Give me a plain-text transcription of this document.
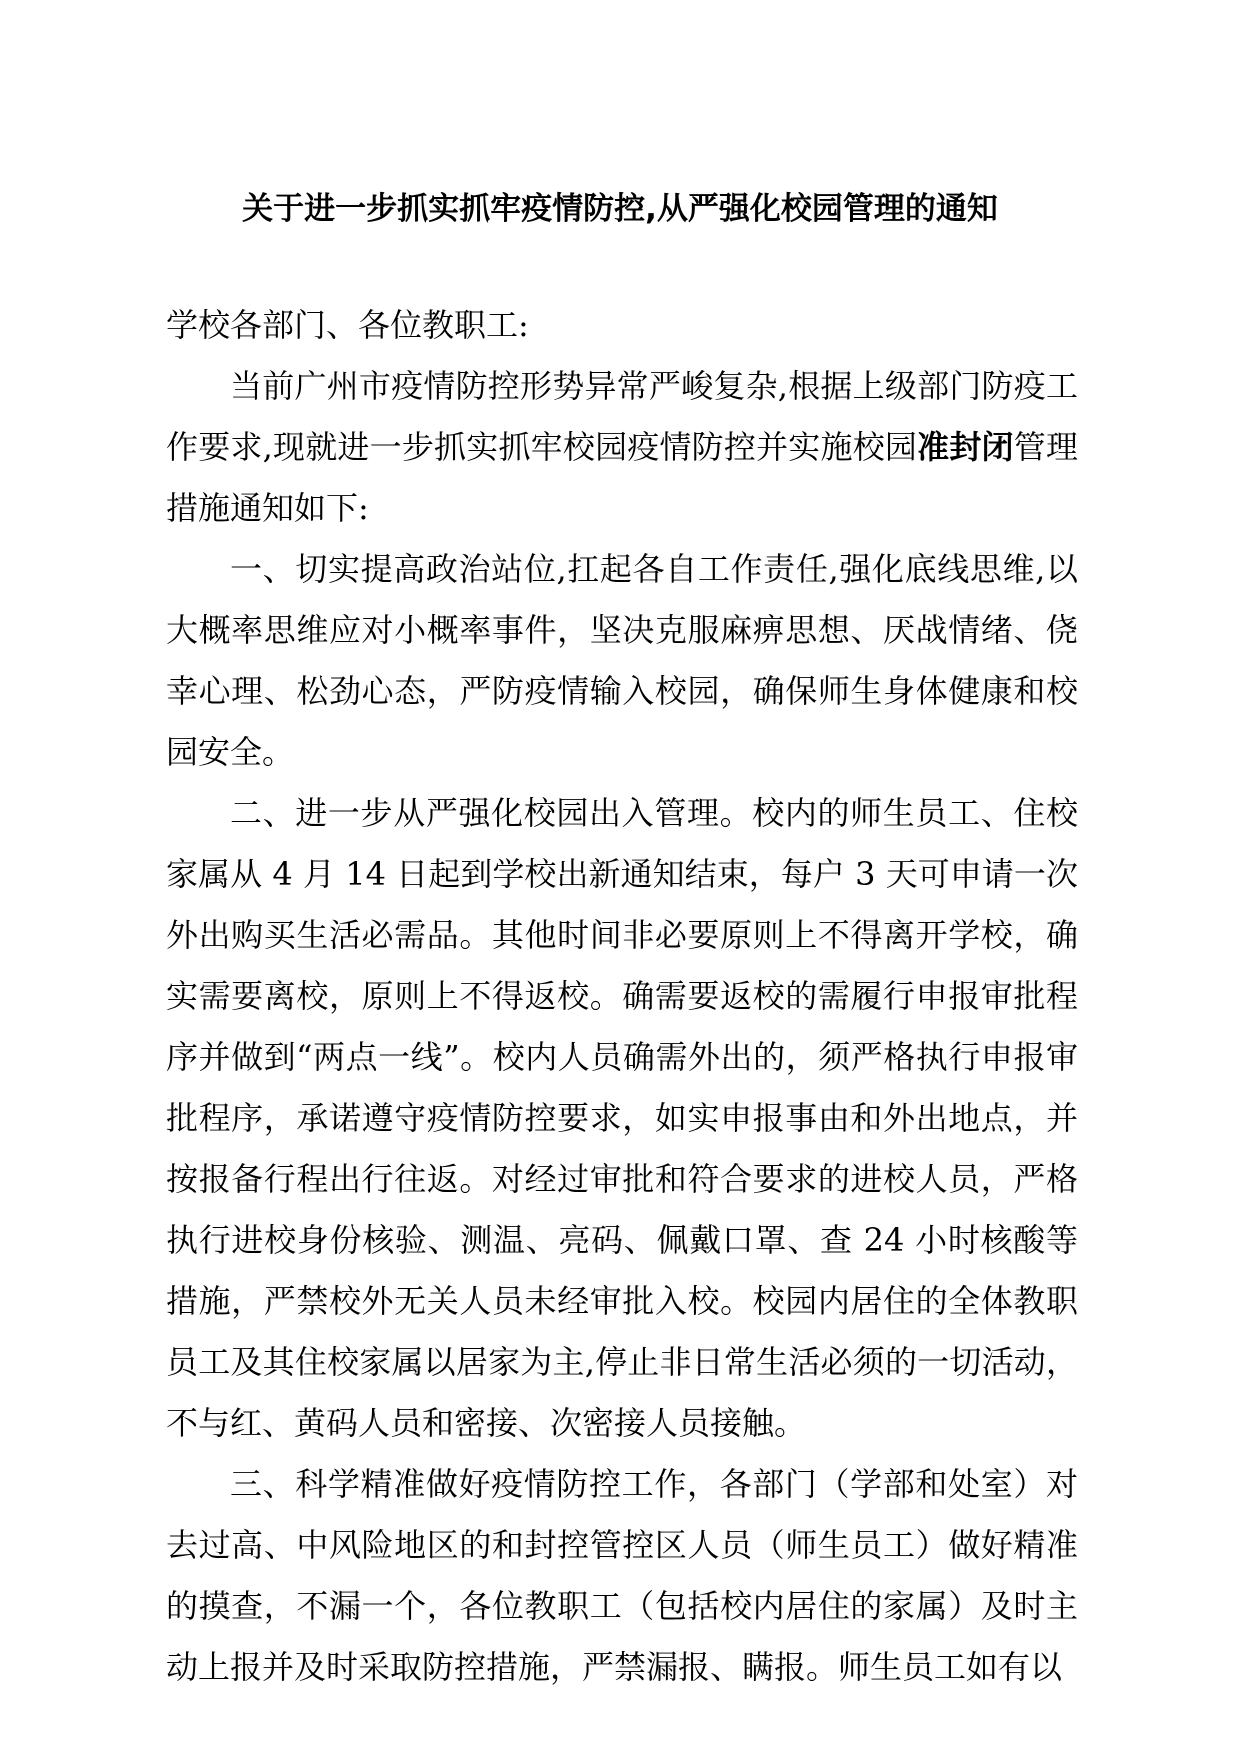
关于进一步抓实抓牢疫情防控,从严强化校园管理的通知

学校各部门、各位教职工:

当前广州市疫情防控形势异常严峻复杂,根据上级部门防疫工作要求,现就进一步抓实抓牢校园疫情防控并实施校园准封闭管理措施通知如下:

一、切实提高政治站位,扛起各自工作责任,强化底线思维,以大概率思维应对小概率事件，坚决克服麻痹思想、厌战情绪、侥幸心理、松劲心态，严防疫情输入校园，确保师生身体健康和校园安全。

二、进一步从严强化校园出入管理。校内的师生员工、住校家属从 4 月 14 日起到学校出新通知结束，每户 3 天可申请一次外出购买生活必需品。其他时间非必要原则上不得离开学校，确实需要离校，原则上不得返校。确需要返校的需履行申报审批程序并做到“两点一线”。校内人员确需外出的，须严格执行申报审批程序，承诺遵守疫情防控要求，如实申报事由和外出地点，并按报备行程出行往返。对经过审批和符合要求的进校人员，严格执行进校身份核验、测温、亮码、佩戴口罩、查 24 小时核酸等措施，严禁校外无关人员未经审批入校。校园内居住的全体教职员工及其住校家属以居家为主,停止非日常生活必须的一切活动，不与红、黄码人员和密接、次密接人员接触。

三、科学精准做好疫情防控工作，各部门（学部和处室）对去过高、中风险地区的和封控管控区人员（师生员工）做好精准的摸查，不漏一个，各位教职工（包括校内居住的家属）及时主动上报并及时采取防控措施，严禁漏报、瞒报。师生员工如有以
